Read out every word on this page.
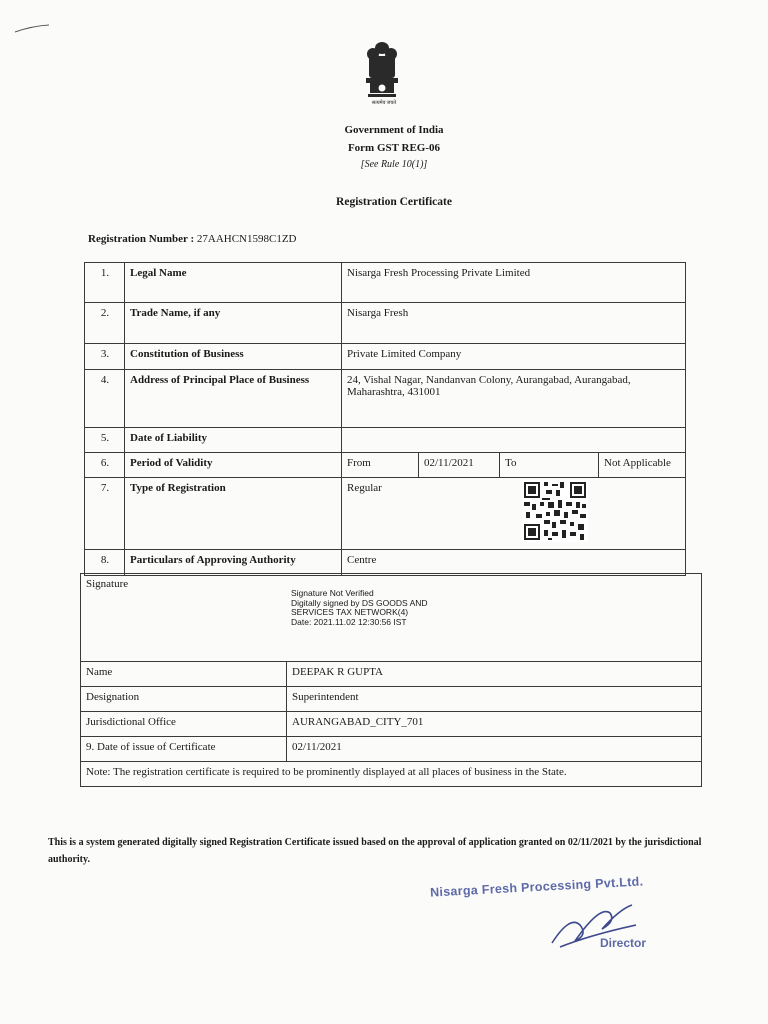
सत्यमेव जयते
Government of India
Form GST REG-06
[See Rule 10(1)]
Registration Certificate
Registration Number : 27AAHCN1598C1ZD
1.	Legal Name	Nisarga Fresh Processing Private Limited			
2.	Trade Name, if any	Nisarga Fresh			
3.	Constitution of Business	Private Limited Company			
4.	Address of Principal Place of Business	24, Vishal Nagar, Nandanvan Colony, Aurangabad, Aurangabad, Maharashtra, 431001			
5.	Date of Liability				
6.	Period of Validity	From	02/11/2021	To	Not Applicable
7.	Type of Registration	Regular			
8.	Particulars of Approving Authority	Centre			
Signature	
Name	DEEPAK R GUPTA
Designation	Superintendent
Jurisdictional Office	AURANGABAD_CITY_701
9. Date of issue of Certificate	02/11/2021
Note: The registration certificate is required to be prominently displayed at all places of business in the State.	
Signature Not Verified
Digitally signed by DS GOODS AND
SERVICES TAX NETWORK(4)
Date: 2021.11.02 12:30:56 IST
This is a system generated digitally signed Registration Certificate issued based on the approval of application granted on 02/11/2021 by the jurisdictional authority.
Nisarga Fresh Processing Pvt.Ltd.
Director
